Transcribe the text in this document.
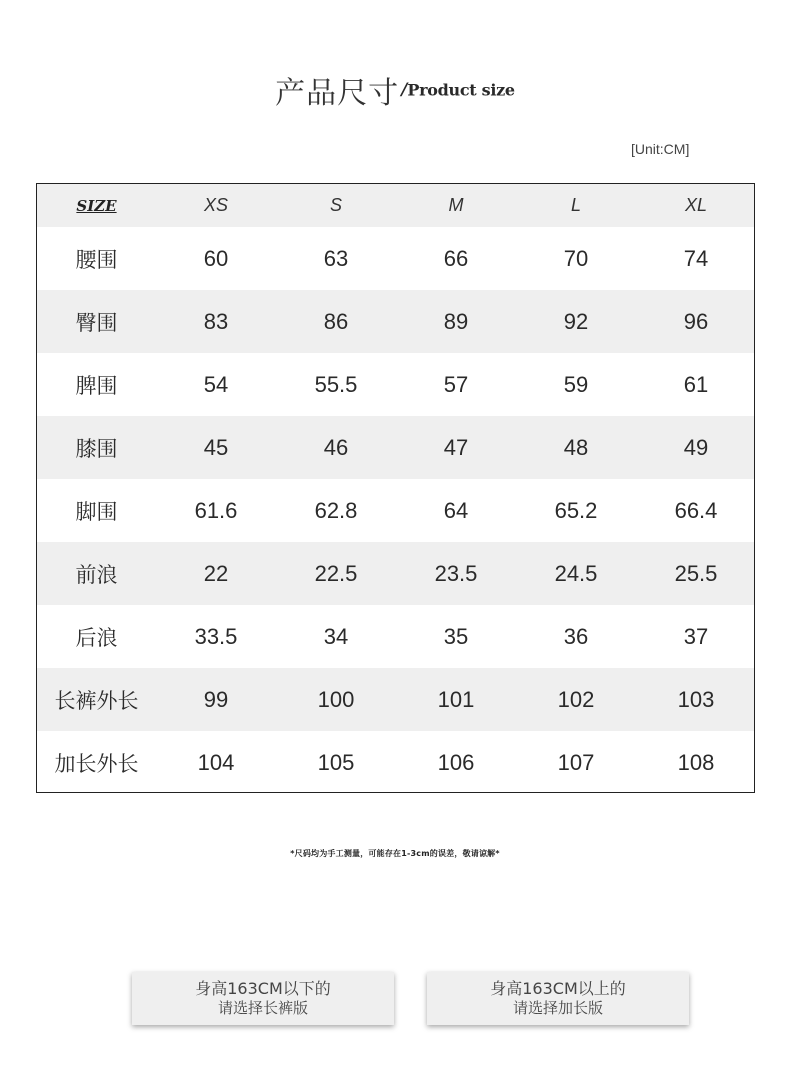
产品尺寸 /Product size
[Unit:CM]
SIZE	XS	S	M	L	XL
腰围	60	63	66	70	74
臀围	83	86	89	92	96
脾围	54	55.5	57	59	61
膝围	45	46	47	48	49
脚围	61.6	62.8	64	65.2	66.4
前浪	22	22.5	23.5	24.5	25.5
后浪	33.5	34	35	36	37
长裤外长	99	100	101	102	103
加长外长	104	105	106	107	108
*尺码均为手工测量，可能存在1-3cm的误差，敬请谅解*
身高163CM以下的
请选择长裤版
身高163CM以上的
请选择加长版
